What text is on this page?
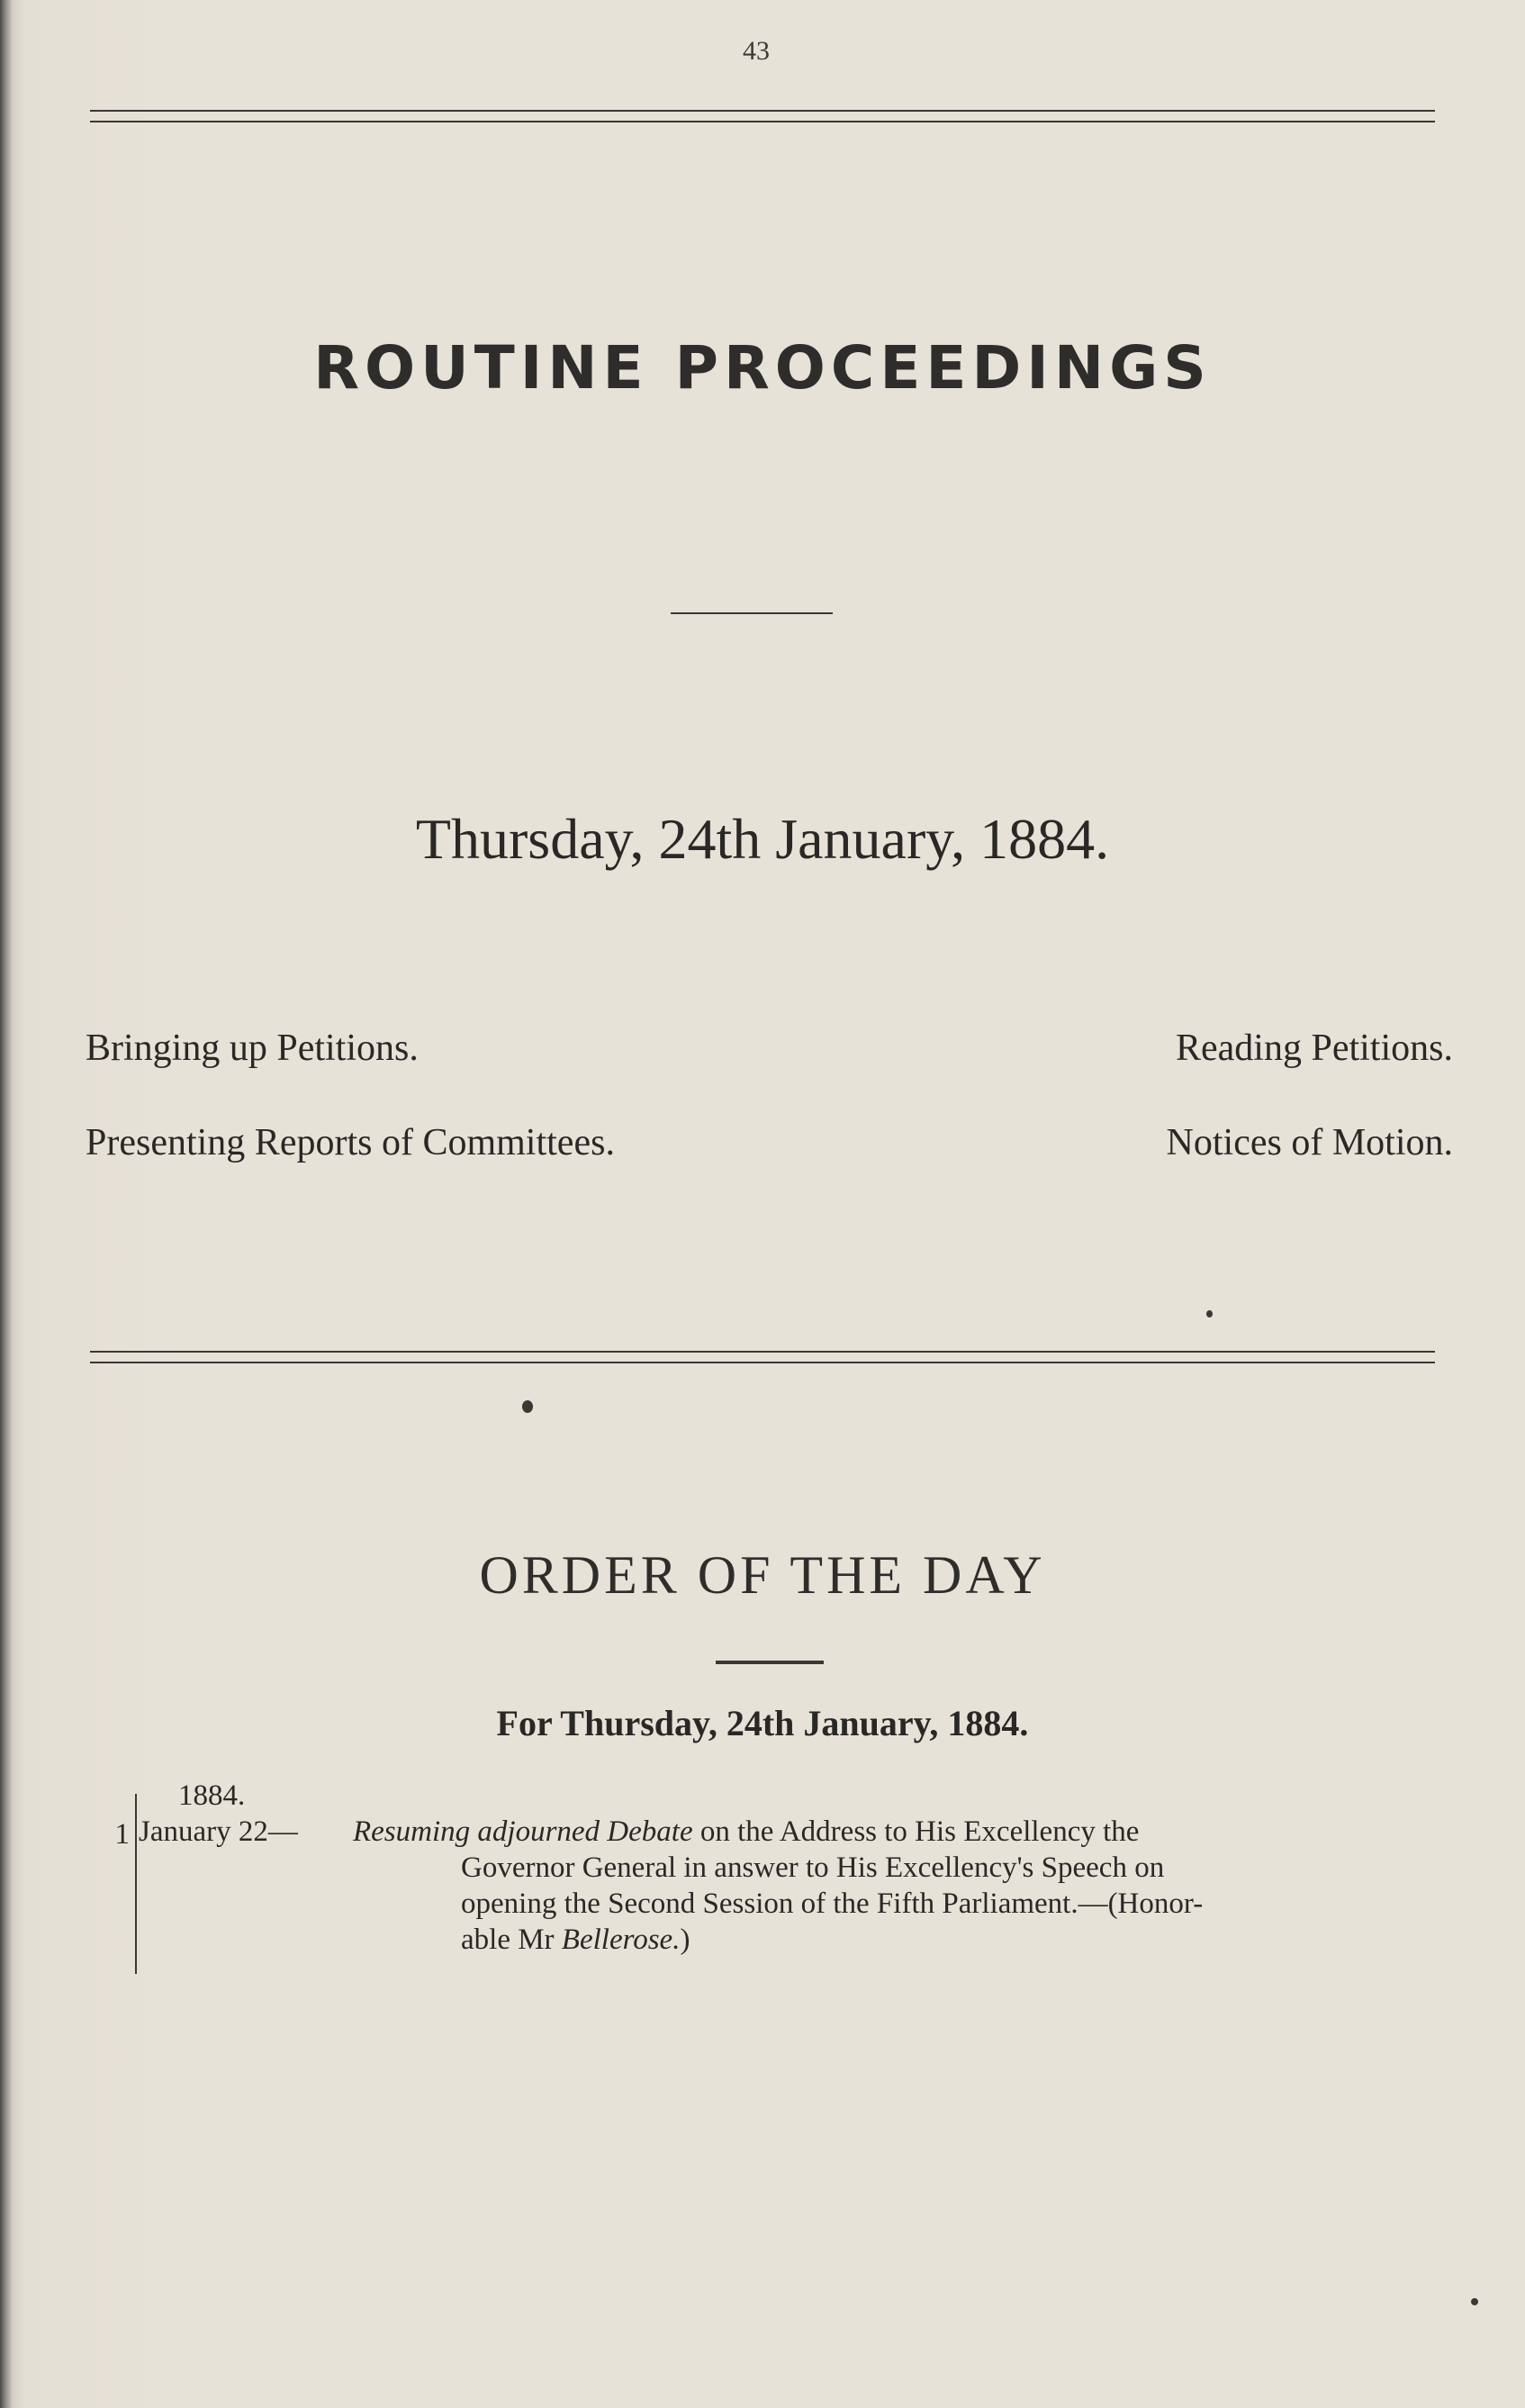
43
ROUTINE PROCEEDINGS
Thursday, 24th January, 1884.
Bringing up Petitions.	Reading Petitions.
Presenting Reports of Committees.	Notices of Motion.
ORDER OF THE DAY
For Thursday, 24th January, 1884.
1
1884.
January 22— Resuming adjourned Debate on the Address to His Excellency the
Governor General in answer to His Excellency's Speech on
opening the Second Session of the Fifth Parliament.—(Honor-
able Mr Bellerose.)
